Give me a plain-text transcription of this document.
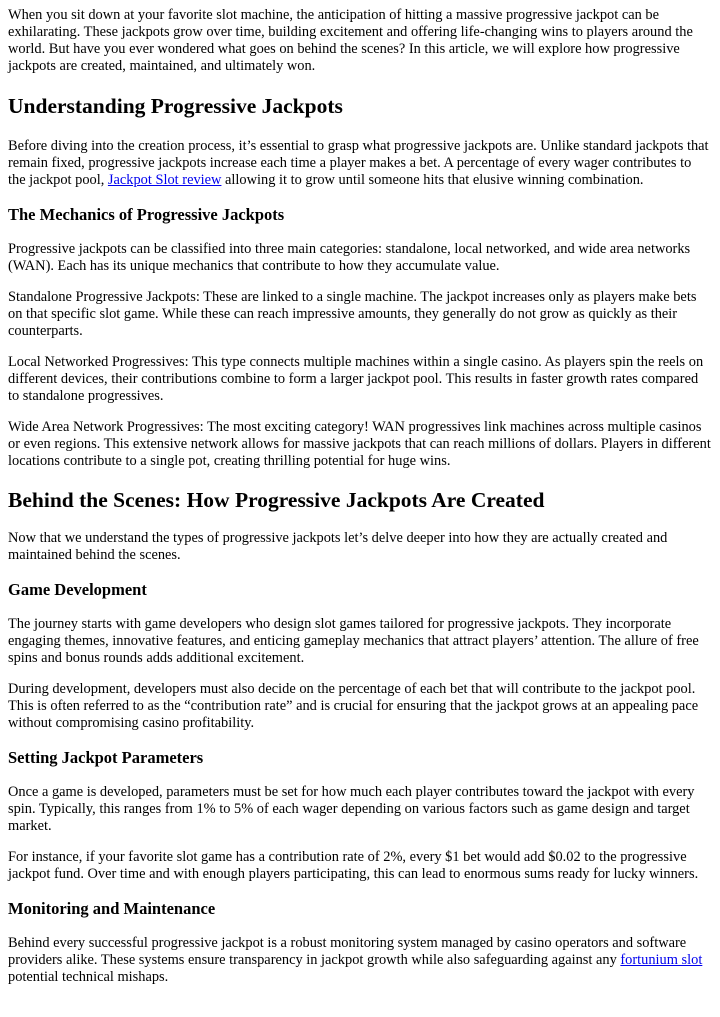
When you sit down at your favorite slot machine, the anticipation of hitting a massive progressive jackpot can be exhilarating. These jackpots grow over time, building excitement and offering life-changing wins to players around the world. But have you ever wondered what goes on behind the scenes? In this article, we will explore how progressive jackpots are created, maintained, and ultimately won.

Understanding Progressive Jackpots

Before diving into the creation process, it’s essential to grasp what progressive jackpots are. Unlike standard jackpots that remain fixed, progressive jackpots increase each time a player makes a bet. A percentage of every wager contributes to the jackpot pool, Jackpot Slot review allowing it to grow until someone hits that elusive winning combination.

The Mechanics of Progressive Jackpots

Progressive jackpots can be classified into three main categories: standalone, local networked, and wide area networks (WAN). Each has its unique mechanics that contribute to how they accumulate value.

Standalone Progressive Jackpots: These are linked to a single machine. The jackpot increases only as players make bets on that specific slot game. While these can reach impressive amounts, they generally do not grow as quickly as their counterparts.

Local Networked Progressives: This type connects multiple machines within a single casino. As players spin the reels on different devices, their contributions combine to form a larger jackpot pool. This results in faster growth rates compared to standalone progressives.

Wide Area Network Progressives: The most exciting category! WAN progressives link machines across multiple casinos or even regions. This extensive network allows for massive jackpots that can reach millions of dollars. Players in different locations contribute to a single pot, creating thrilling potential for huge wins.

Behind the Scenes: How Progressive Jackpots Are Created

Now that we understand the types of progressive jackpots let’s delve deeper into how they are actually created and maintained behind the scenes.

Game Development

The journey starts with game developers who design slot games tailored for progressive jackpots. They incorporate engaging themes, innovative features, and enticing gameplay mechanics that attract players’ attention. The allure of free spins and bonus rounds adds additional excitement.

During development, developers must also decide on the percentage of each bet that will contribute to the jackpot pool. This is often referred to as the “contribution rate” and is crucial for ensuring that the jackpot grows at an appealing pace without compromising casino profitability.

Setting Jackpot Parameters

Once a game is developed, parameters must be set for how much each player contributes toward the jackpot with every spin. Typically, this ranges from 1% to 5% of each wager depending on various factors such as game design and target market.

For instance, if your favorite slot game has a contribution rate of 2%, every $1 bet would add $0.02 to the progressive jackpot fund. Over time and with enough players participating, this can lead to enormous sums ready for lucky winners.

Monitoring and Maintenance

Behind every successful progressive jackpot is a robust monitoring system managed by casino operators and software providers alike. These systems ensure transparency in jackpot growth while also safeguarding against any fortunium slot potential technical mishaps.
